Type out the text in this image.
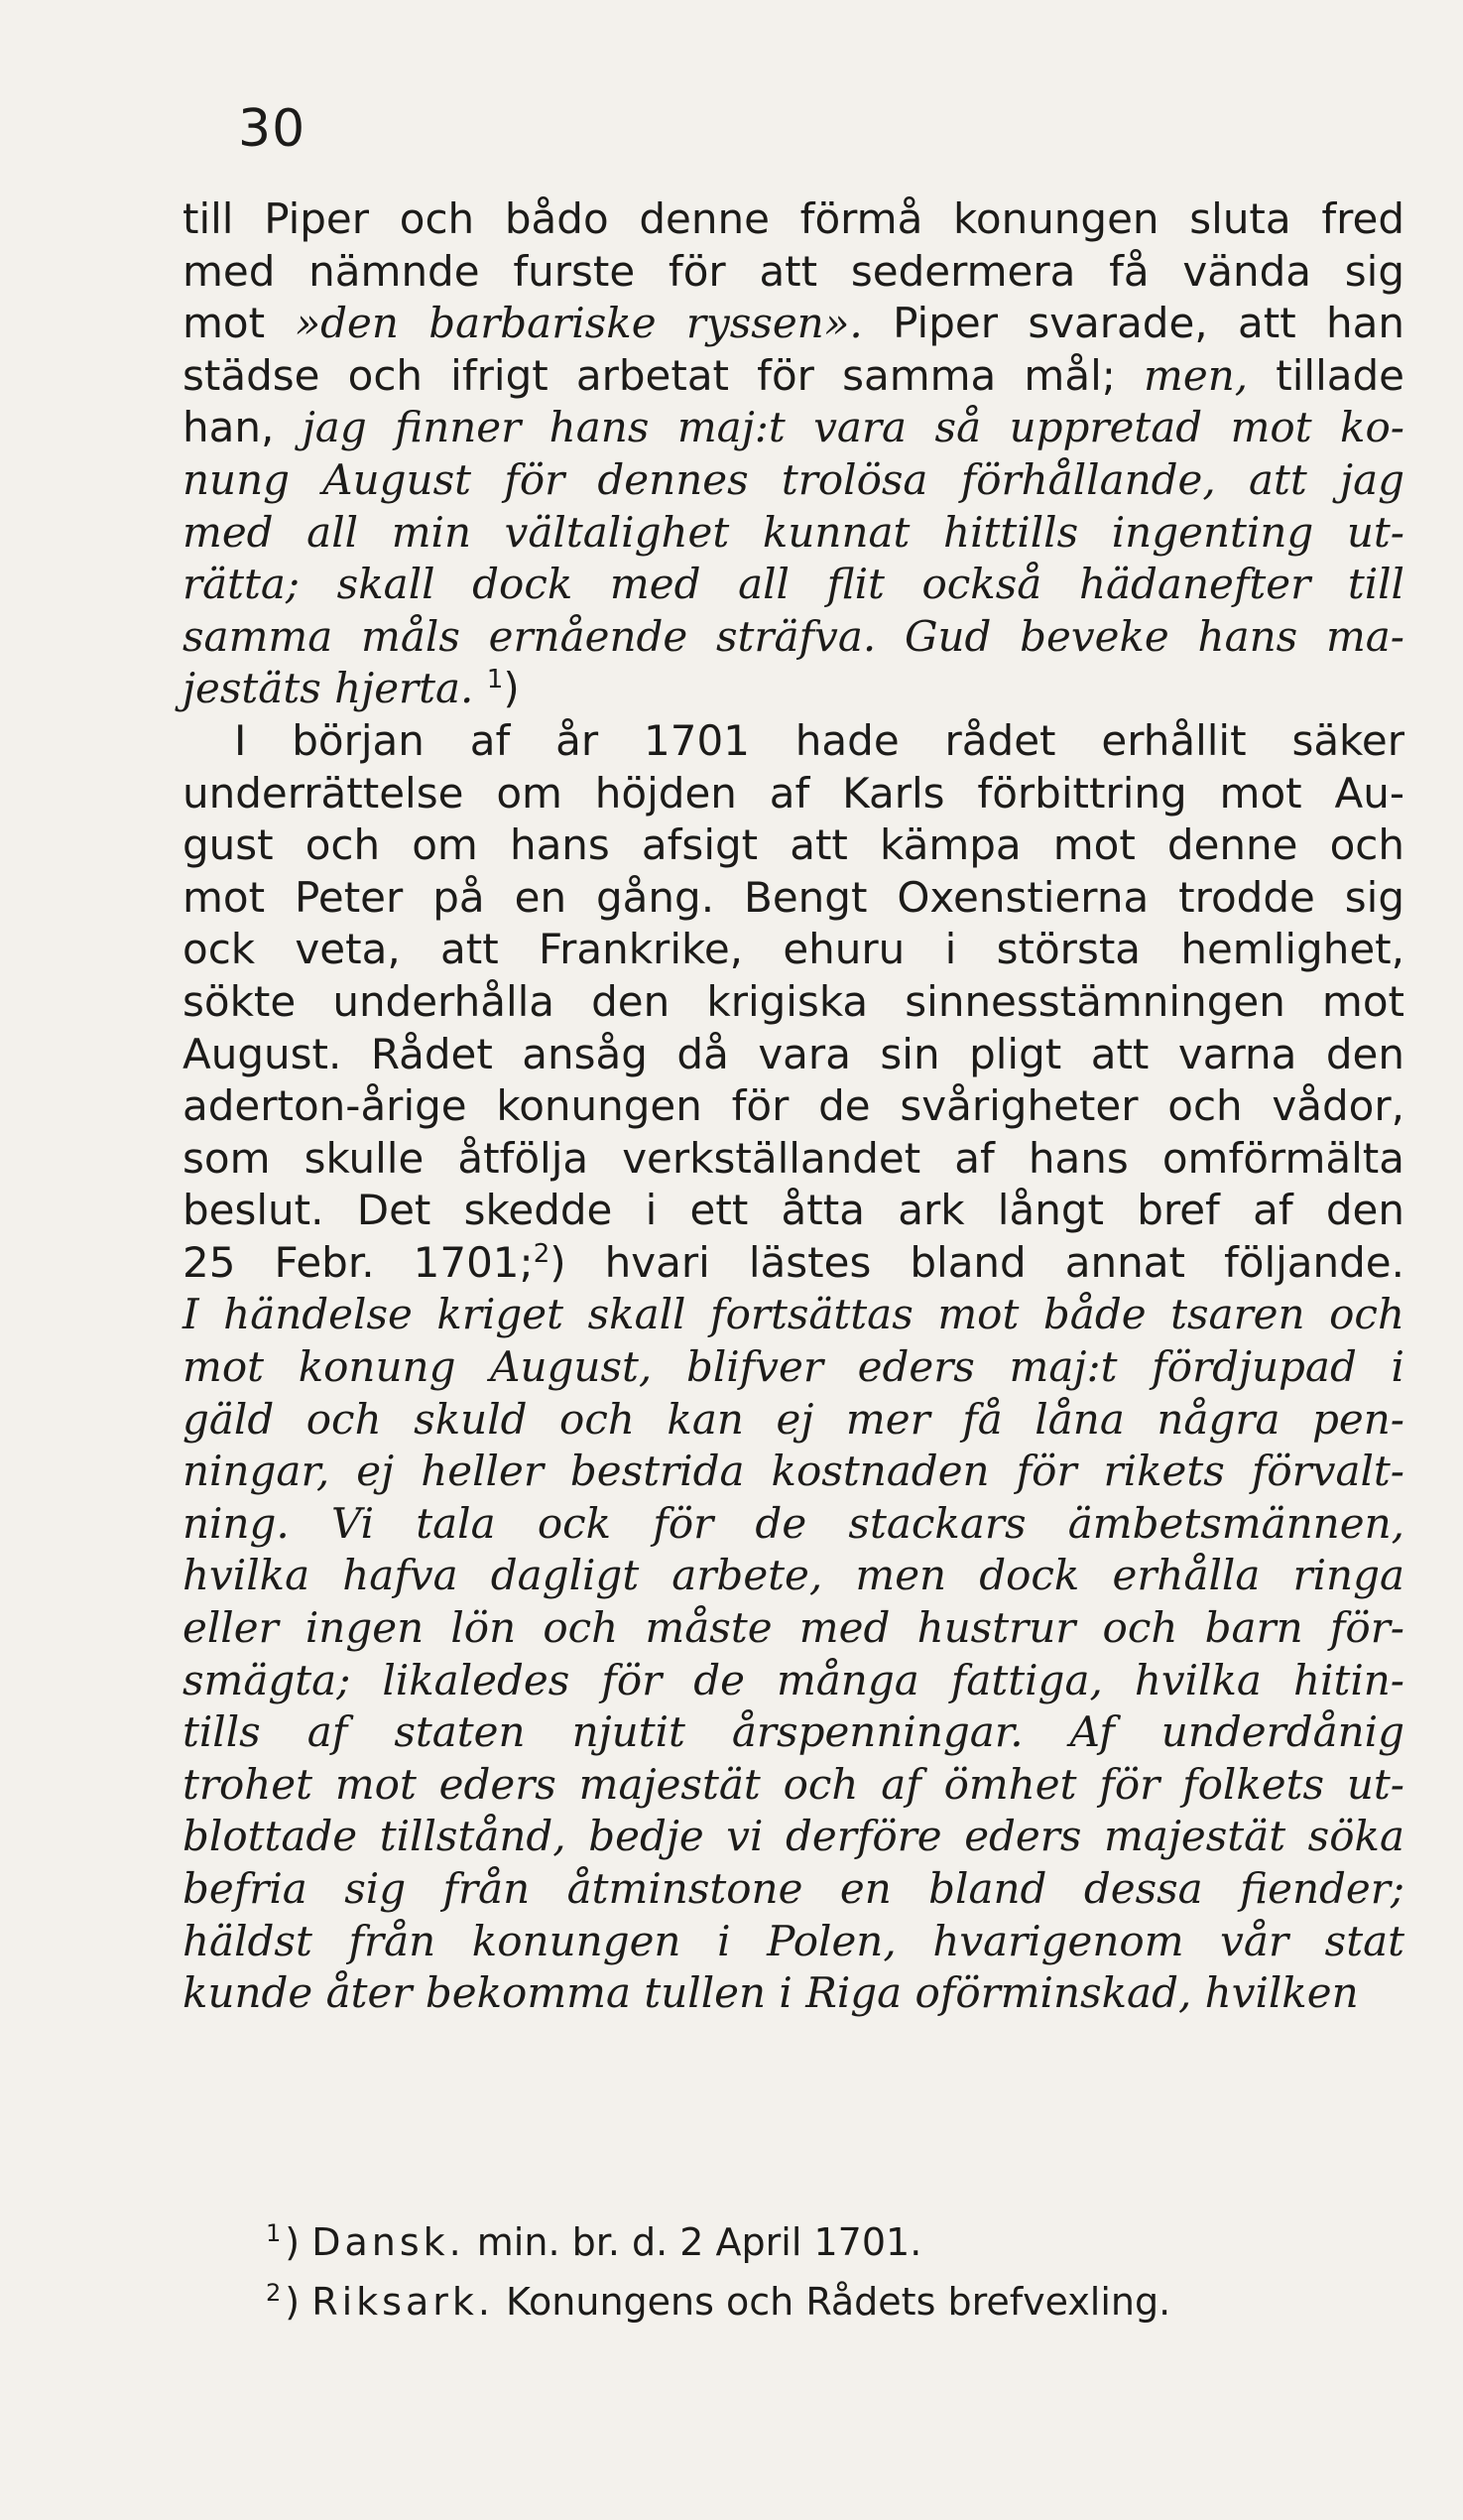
30
till Piper och bådo denne förmå konungen sluta fred
med nämnde furste för att sedermera få vända sig
mot »den barbariske ryssen». Piper svarade, att han
städse och ifrigt arbetat för samma mål; men, tillade
han, jag finner hans maj:t vara så uppretad mot ko-
nung August för dennes trolösa förhållande, att jag
med all min vältalighet kunnat hittills ingenting ut-
rätta; skall dock med all flit också hädanefter till
samma måls ernående sträfva. Gud beveke hans ma-
jestäts hjerta. $^1$)
I början af år 1701 hade rådet erhållit säker
underrättelse om höjden af Karls förbittring mot Au-
gust och om hans afsigt att kämpa mot denne och
mot Peter på en gång. Bengt Oxenstierna trodde sig
ock veta, att Frankrike, ehuru i största hemlighet,
sökte underhålla den krigiska sinnesstämningen mot
August. Rådet ansåg då vara sin pligt att varna den
aderton-årige konungen för de svårigheter och vådor,
som skulle åtfölja verkställandet af hans omförmälta
beslut. Det skedde i ett åtta ark långt bref af den
25 Febr. 1701;$^2$) hvari lästes bland annat följande.
I händelse kriget skall fortsättas mot både tsaren och
mot konung August, blifver eders maj:t fördjupad i
gäld och skuld och kan ej mer få låna några pen-
ningar, ej heller bestrida kostnaden för rikets förvalt-
ning. Vi tala ock för de stackars ämbetsmännen,
hvilka hafva dagligt arbete, men dock erhålla ringa
eller ingen lön och måste med hustrur och barn för-
smägta; likaledes för de många fattiga, hvilka hitin-
tills af staten njutit årspenningar. Af underdånig
trohet mot eders majestät och af ömhet för folkets ut-
blottade tillstånd, bedje vi derföre eders majestät söka
befria sig från åtminstone en bland dessa fiender;
häldst från konungen i Polen, hvarigenom vår stat
kunde åter bekomma tullen i Riga oförminskad, hvilken
$^1$ ) Dansk. min. br. d. 2 April 1701.
$^2$ ) Riksark. Konungens och Rådets brefvexling.
